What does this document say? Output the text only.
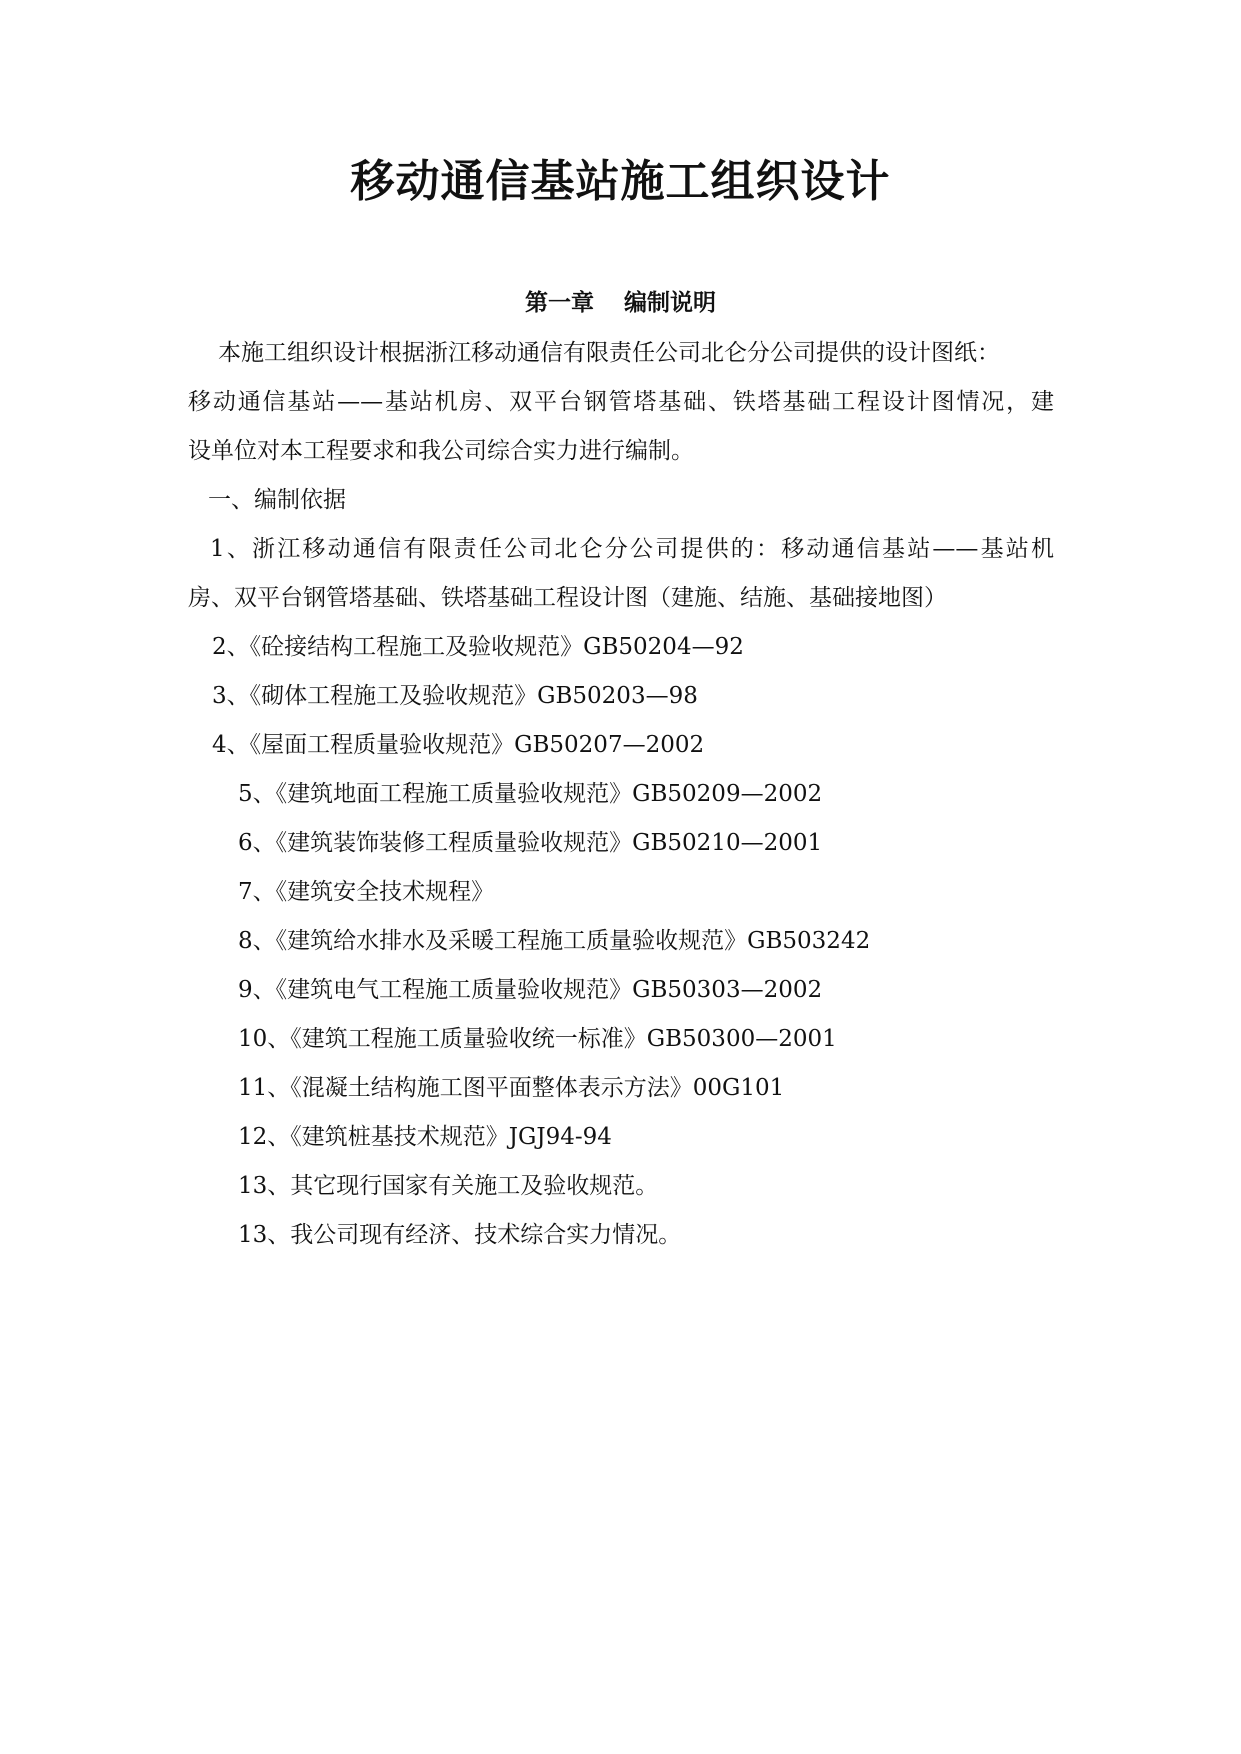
移动通信基站施工组织设计
第一章 编制说明
本施工组织设计根据浙江移动通信有限责任公司北仑分公司提供的设计图纸：
移动通信基站——基站机房、双平台钢管塔基础、铁塔基础工程设计图情况，建
设单位对本工程要求和我公司综合实力进行编制。
一、编制依据
1、浙江移动通信有限责任公司北仑分公司提供的：移动通信基站——基站机
房、双平台钢管塔基础、铁塔基础工程设计图（建施、结施、基础接地图）
2、《砼接结构工程施工及验收规范》GB50204—92
3、《砌体工程施工及验收规范》GB50203—98
4、《屋面工程质量验收规范》GB50207—2002
5、《建筑地面工程施工质量验收规范》GB50209—2002
6、《建筑装饰装修工程质量验收规范》GB50210—2001
7、《建筑安全技术规程》
8、《建筑给水排水及采暖工程施工质量验收规范》GB503242
9、《建筑电气工程施工质量验收规范》GB50303—2002
10、《建筑工程施工质量验收统一标准》GB50300—2001
11、《混凝土结构施工图平面整体表示方法》00G101
12、《建筑桩基技术规范》JGJ94-94
13、其它现行国家有关施工及验收规范。
13、我公司现有经济、技术综合实力情况。
